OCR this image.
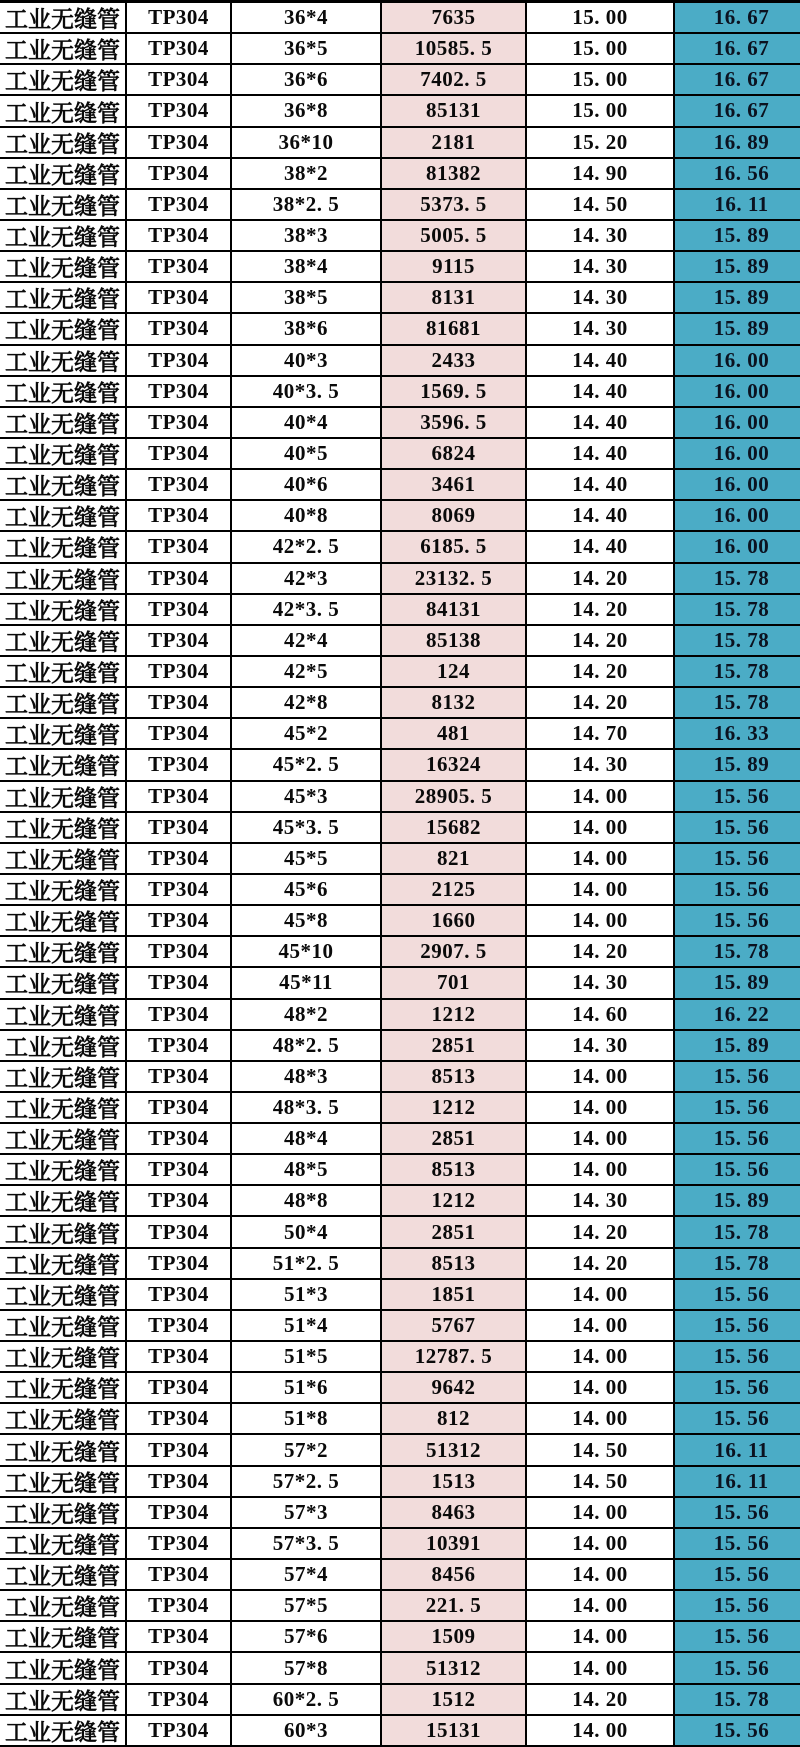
工业无缝管	TP304	36*4	7635	15. 00	16. 67
工业无缝管	TP304	36*5	10585. 5	15. 00	16. 67
工业无缝管	TP304	36*6	7402. 5	15. 00	16. 67
工业无缝管	TP304	36*8	85131	15. 00	16. 67
工业无缝管	TP304	36*10	2181	15. 20	16. 89
工业无缝管	TP304	38*2	81382	14. 90	16. 56
工业无缝管	TP304	38*2. 5	5373. 5	14. 50	16. 11
工业无缝管	TP304	38*3	5005. 5	14. 30	15. 89
工业无缝管	TP304	38*4	9115	14. 30	15. 89
工业无缝管	TP304	38*5	8131	14. 30	15. 89
工业无缝管	TP304	38*6	81681	14. 30	15. 89
工业无缝管	TP304	40*3	2433	14. 40	16. 00
工业无缝管	TP304	40*3. 5	1569. 5	14. 40	16. 00
工业无缝管	TP304	40*4	3596. 5	14. 40	16. 00
工业无缝管	TP304	40*5	6824	14. 40	16. 00
工业无缝管	TP304	40*6	3461	14. 40	16. 00
工业无缝管	TP304	40*8	8069	14. 40	16. 00
工业无缝管	TP304	42*2. 5	6185. 5	14. 40	16. 00
工业无缝管	TP304	42*3	23132. 5	14. 20	15. 78
工业无缝管	TP304	42*3. 5	84131	14. 20	15. 78
工业无缝管	TP304	42*4	85138	14. 20	15. 78
工业无缝管	TP304	42*5	124	14. 20	15. 78
工业无缝管	TP304	42*8	8132	14. 20	15. 78
工业无缝管	TP304	45*2	481	14. 70	16. 33
工业无缝管	TP304	45*2. 5	16324	14. 30	15. 89
工业无缝管	TP304	45*3	28905. 5	14. 00	15. 56
工业无缝管	TP304	45*3. 5	15682	14. 00	15. 56
工业无缝管	TP304	45*5	821	14. 00	15. 56
工业无缝管	TP304	45*6	2125	14. 00	15. 56
工业无缝管	TP304	45*8	1660	14. 00	15. 56
工业无缝管	TP304	45*10	2907. 5	14. 20	15. 78
工业无缝管	TP304	45*11	701	14. 30	15. 89
工业无缝管	TP304	48*2	1212	14. 60	16. 22
工业无缝管	TP304	48*2. 5	2851	14. 30	15. 89
工业无缝管	TP304	48*3	8513	14. 00	15. 56
工业无缝管	TP304	48*3. 5	1212	14. 00	15. 56
工业无缝管	TP304	48*4	2851	14. 00	15. 56
工业无缝管	TP304	48*5	8513	14. 00	15. 56
工业无缝管	TP304	48*8	1212	14. 30	15. 89
工业无缝管	TP304	50*4	2851	14. 20	15. 78
工业无缝管	TP304	51*2. 5	8513	14. 20	15. 78
工业无缝管	TP304	51*3	1851	14. 00	15. 56
工业无缝管	TP304	51*4	5767	14. 00	15. 56
工业无缝管	TP304	51*5	12787. 5	14. 00	15. 56
工业无缝管	TP304	51*6	9642	14. 00	15. 56
工业无缝管	TP304	51*8	812	14. 00	15. 56
工业无缝管	TP304	57*2	51312	14. 50	16. 11
工业无缝管	TP304	57*2. 5	1513	14. 50	16. 11
工业无缝管	TP304	57*3	8463	14. 00	15. 56
工业无缝管	TP304	57*3. 5	10391	14. 00	15. 56
工业无缝管	TP304	57*4	8456	14. 00	15. 56
工业无缝管	TP304	57*5	221. 5	14. 00	15. 56
工业无缝管	TP304	57*6	1509	14. 00	15. 56
工业无缝管	TP304	57*8	51312	14. 00	15. 56
工业无缝管	TP304	60*2. 5	1512	14. 20	15. 78
工业无缝管	TP304	60*3	15131	14. 00	15. 56
